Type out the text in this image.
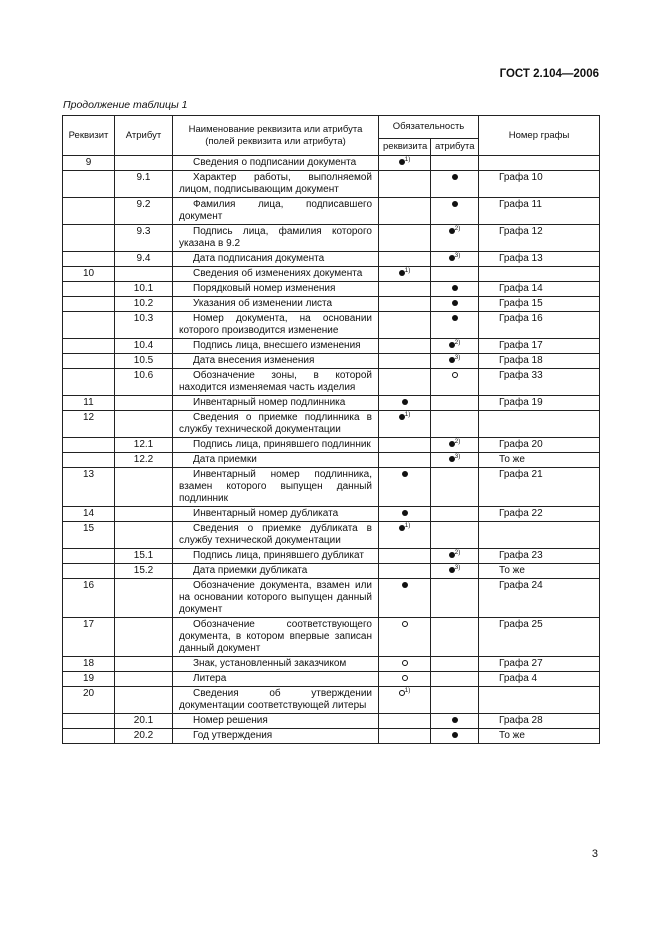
ГОСТ 2.104—2006
Продолжение таблицы 1
Реквизит	Атрибут	Наименование реквизита или атрибута (полей реквизита или атрибута)	Обязательность		Номер графы
			реквизита	атрибута	
9		Сведения о подписании документа	$^{1)}$		
	9.1	Характер работы, выполняемой лицом, подписывающим документ			Графа 10
	9.2	Фамилия лица, подписавшего документ			Графа 11
	9.3	Подпись лица, фамилия которого указана в 9.2		$^{2)}$	Графа 12
	9.4	Дата подписания документа		$^{3)}$	Графа 13
10		Сведения об изменениях документа	$^{1)}$		
	10.1	Порядковый номер изменения			Графа 14
	10.2	Указания об изменении листа			Графа 15
	10.3	Номер документа, на основании которого производится изменение			Графа 16
	10.4	Подпись лица, внесшего изменения		$^{2)}$	Графа 17
	10.5	Дата внесения изменения		$^{3)}$	Графа 18
	10.6	Обозначение зоны, в которой находится изменяемая часть изделия			Графа 33
11		Инвентарный номер подлинника			Графа 19
12		Сведения о приемке подлинника в службу технической документации	$^{1)}$		
	12.1	Подпись лица, принявшего подлинник		$^{2)}$	Графа 20
	12.2	Дата приемки		$^{3)}$	То же
13		Инвентарный номер подлинника, взамен которого выпущен данный подлинник			Графа 21
14		Инвентарный номер дубликата			Графа 22
15		Сведения о приемке дубликата в службу технической документации	$^{1)}$		
	15.1	Подпись лица, принявшего дубликат		$^{2)}$	Графа 23
	15.2	Дата приемки дубликата		$^{3)}$	То же
16		Обозначение документа, взамен или на основании которого выпущен данный документ			Графа 24
17		Обозначение соответствующего документа, в котором впервые записан данный документ			Графа 25
18		Знак, установленный заказчиком			Графа 27
19		Литера			Графа 4
20		Сведения об утверждении документации соответствующей литеры	$^{1)}$		
	20.1	Номер решения			Графа 28
	20.2	Год утверждения			То же
3
